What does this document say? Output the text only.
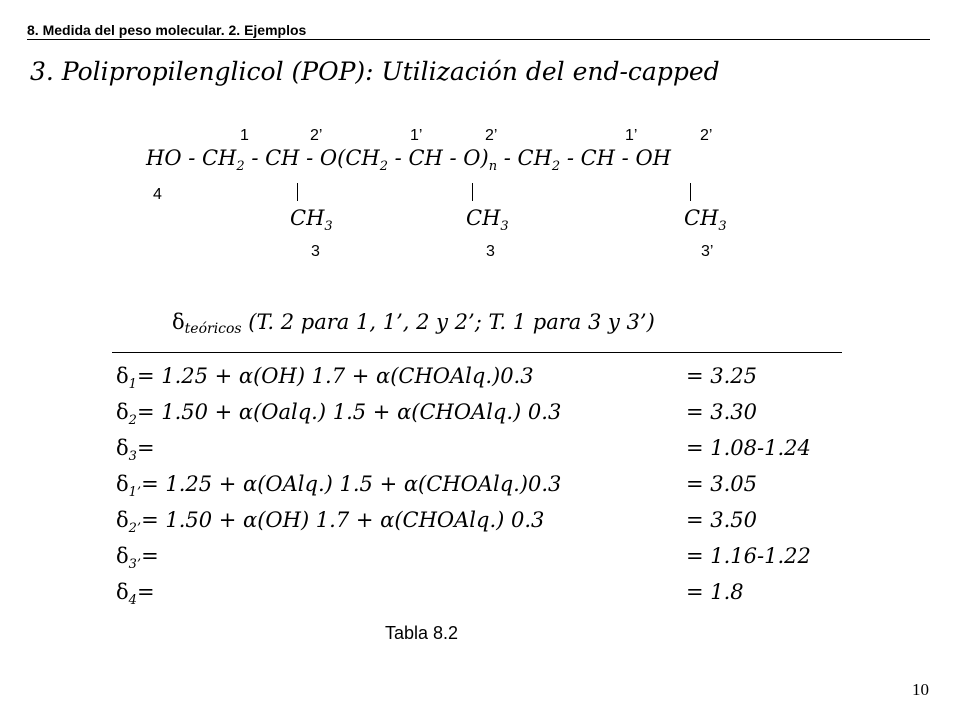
8. Medida del peso molecular. 2. Ejemplos
3. Polipropilenglicol (POP): Utilización del end-capped
1	2’	1’	2’	1’	2’
HO - $CH_2$ - CH - $O(CH_2$ - CH - $O)_n - CH_2$ - CH - OH
4
$CH_3$	$CH_3$	$CH_3$
3	3	3’
δteóricos (T. 2 para 1, 1’, 2 y 2’; T. 1 para 3 y 3’)
$\delta_1= 1.25 + \alpha(OH) 1.7$ + α(CHOAlq.)0.3	= 3.25
$\delta_2= 1.50$ + α(Oalq.) 1.5 + α(CHOAlq.) 0.3	= 3.30
$\delta_3=$	= 1.08-1.24
$\delta_{1’}= 1.25$ + α(OAlq.) 1.5 + α(CHOAlq.)0.3	= 3.05
$\delta_{2’}= 1.50 + \alpha(OH) 1.7$ + α(CHOAlq.) 0.3	= 3.50
$\delta_{3’}=$	= 1.16-1.22
$\delta_4=$	= 1.8
Tabla 8.2
10
